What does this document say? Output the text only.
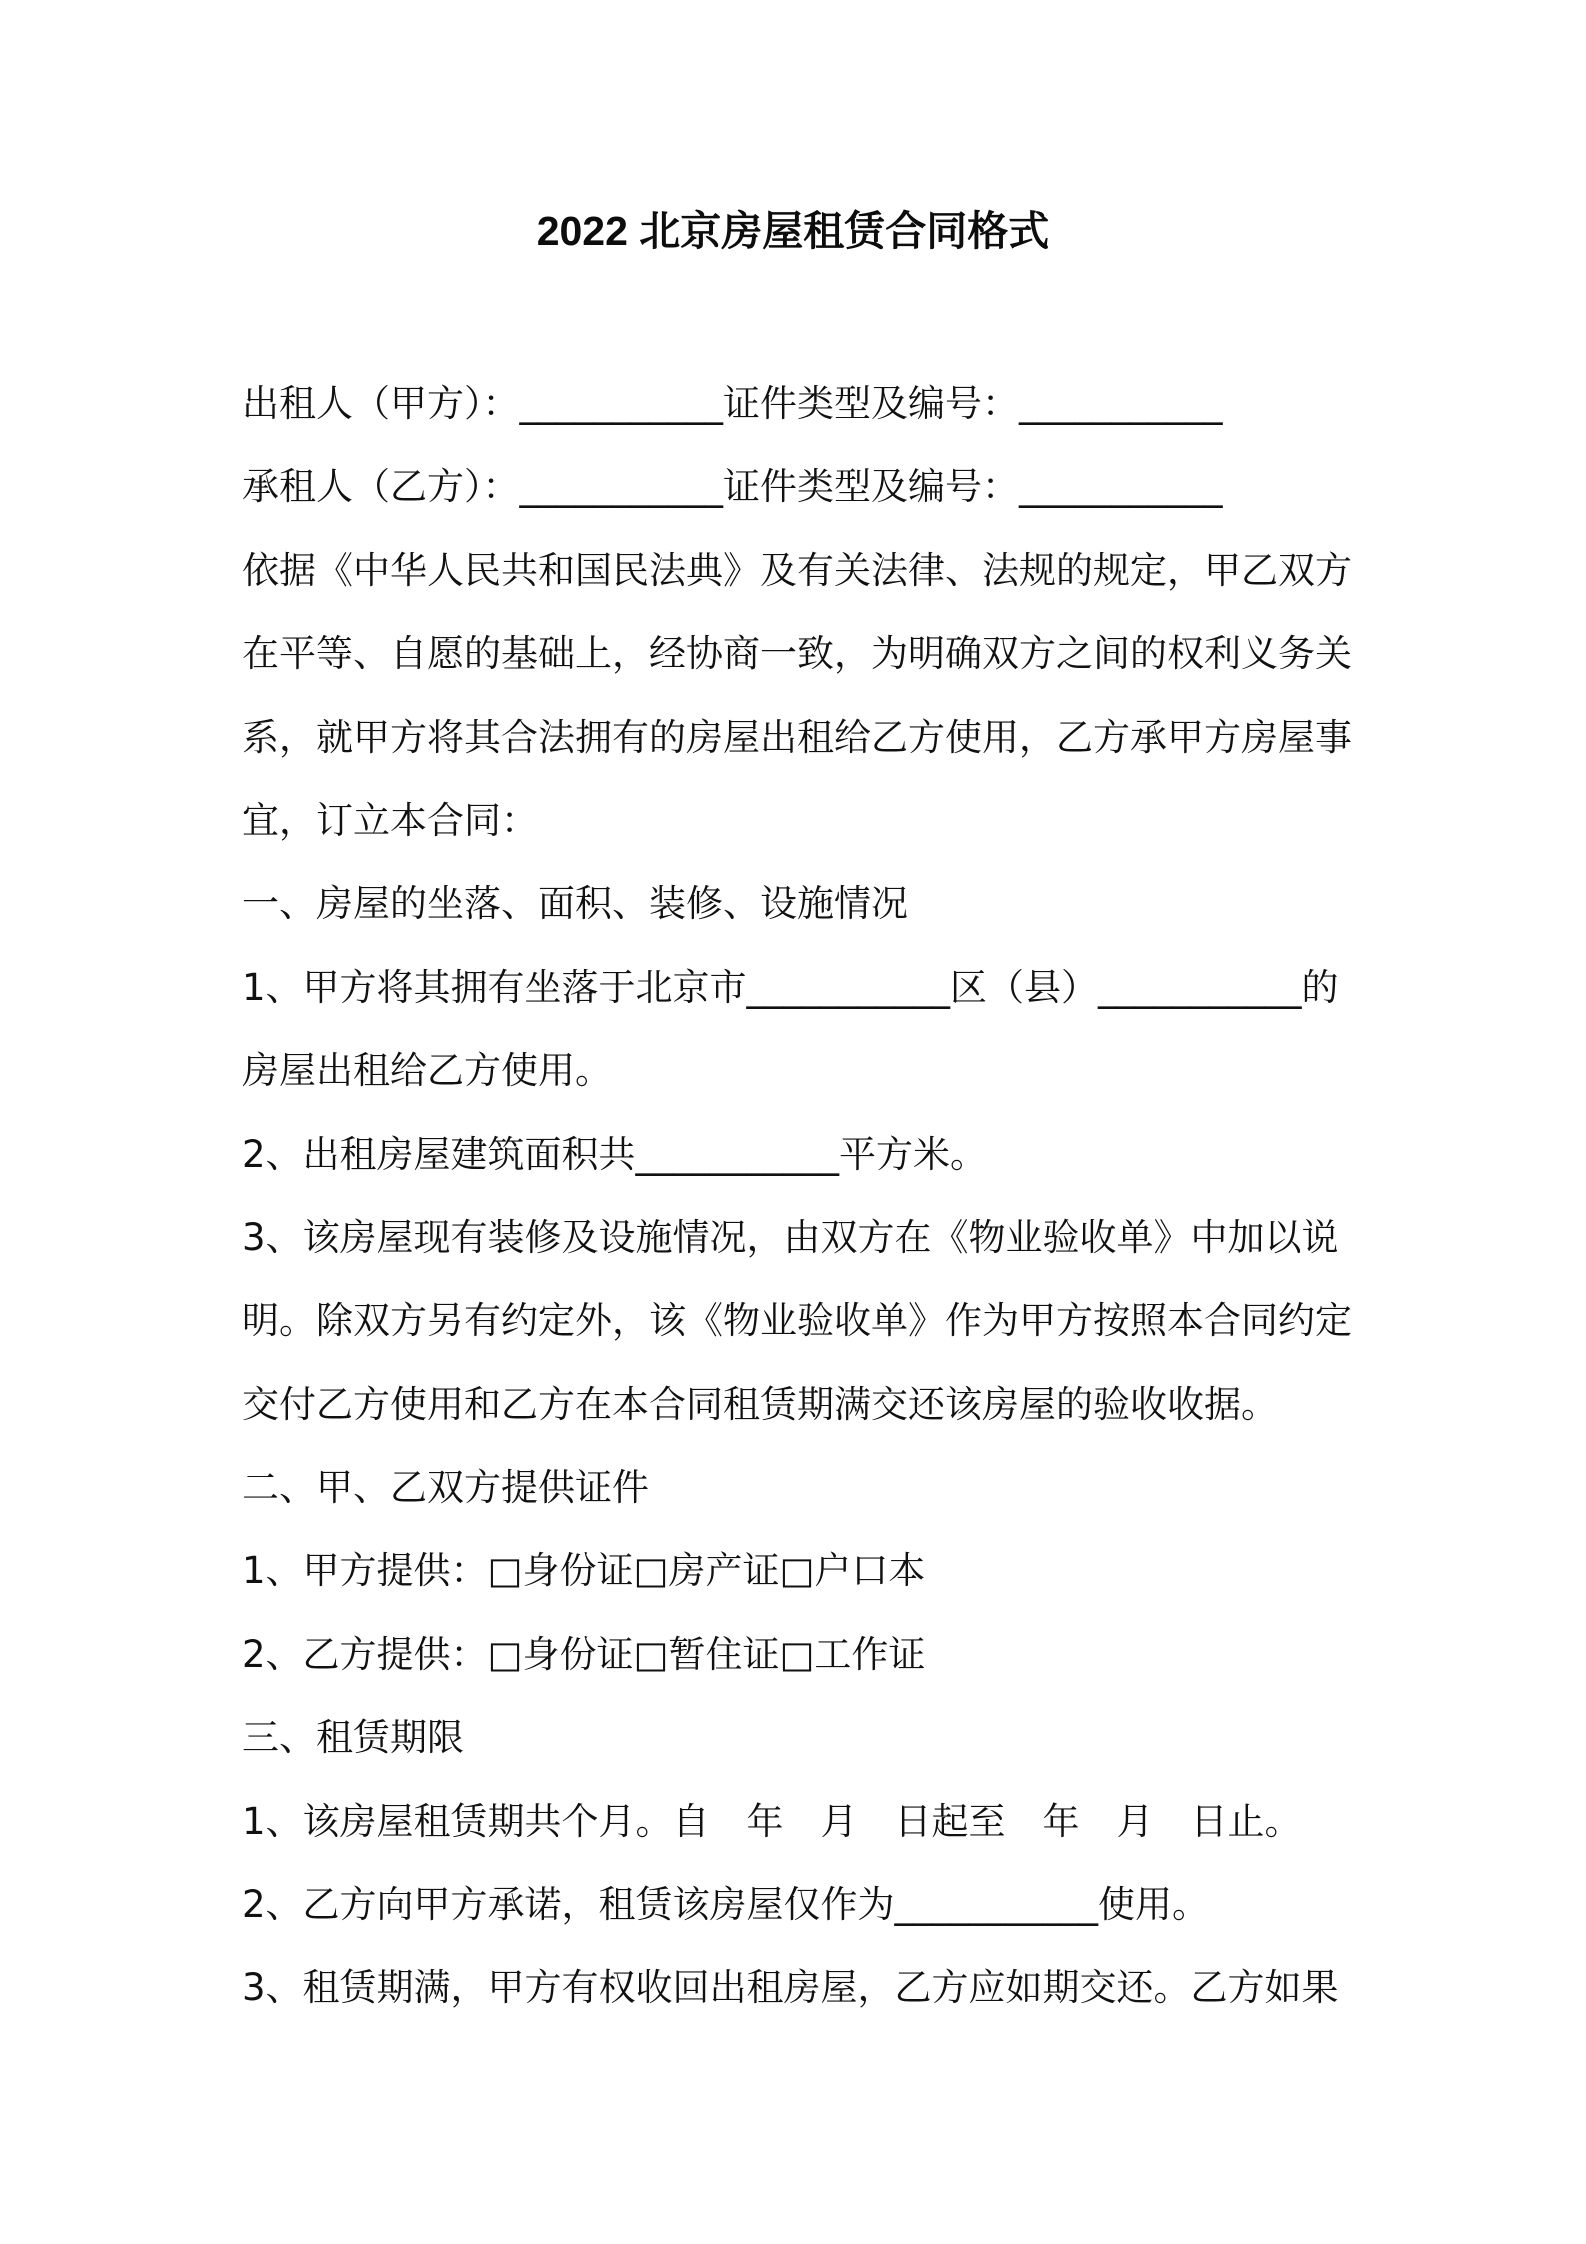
2022 北京房屋租赁合同格式
出租人（甲方）：___________证件类型及编号：___________
承租人（乙方）：___________证件类型及编号：___________
依据《中华人民共和国民法典》及有关法律、法规的规定，甲乙双方
在平等、自愿的基础上，经协商一致，为明确双方之间的权利义务关
系，就甲方将其合法拥有的房屋出租给乙方使用，乙方承甲方房屋事
宜，订立本合同：
一、房屋的坐落、面积、装修、设施情况
1、甲方将其拥有坐落于北京市___________区（县）___________的
房屋出租给乙方使用。
2、出租房屋建筑面积共___________平方米。
3、该房屋现有装修及设施情况，由双方在《物业验收单》中加以说
明。除双方另有约定外，该《物业验收单》作为甲方按照本合同约定
交付乙方使用和乙方在本合同租赁期满交还该房屋的验收收据。
二、甲、乙双方提供证件
1、甲方提供：□身份证□房产证□户口本
2、乙方提供：□身份证□暂住证□工作证
三、租赁期限
1、该房屋租赁期共个月。自　年　月　日起至　年　月　日止。
2、乙方向甲方承诺，租赁该房屋仅作为___________使用。
3、租赁期满，甲方有权收回出租房屋，乙方应如期交还。乙方如果
